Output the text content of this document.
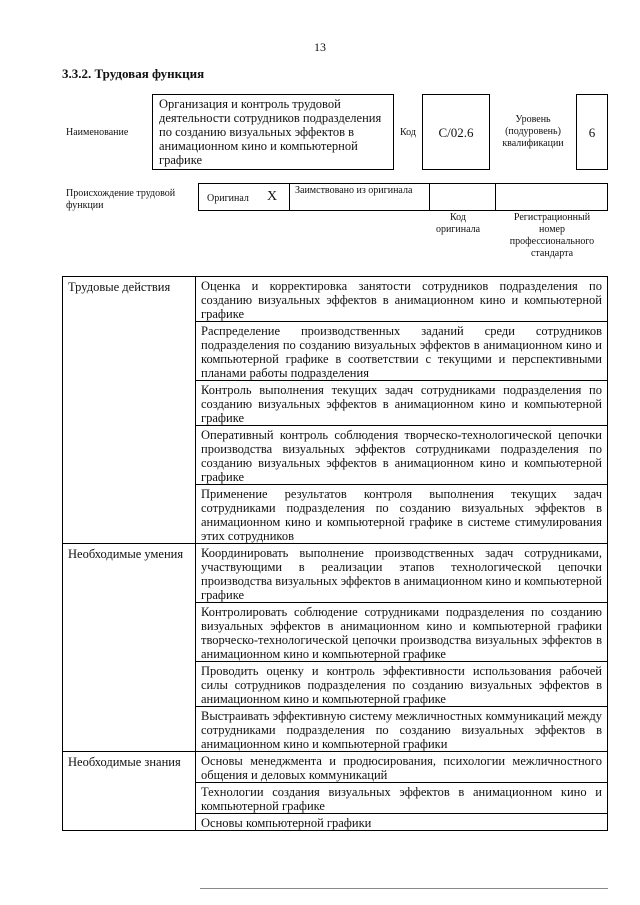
13
3.3.2. Трудовая функция
Наименование
Организация и контроль трудовой деятельности сотрудников подразделения по созданию визуальных эффектов в анимационном кино и компьютерной графике
Код	C/02.6
Уровень (подуровень) квалификации
6
Происхождение трудовой функции
Оригинал X Заимствовано из оригинала
Код оригинала
Регистрационный номер профессионального стандарта
Трудовые действия	Оценка и корректировка занятости сотрудников подразделения по созданию визуальных эффектов в анимационном кино и компьютерной графике
	Распределение производственных заданий среди сотрудников подразделения по созданию визуальных эффектов в анимационном кино и компьютерной графике в соответствии с текущими и перспективными планами работы подразделения
	Контроль выполнения текущих задач сотрудниками подразделения по созданию визуальных эффектов в анимационном кино и компьютерной графике
	Оперативный контроль соблюдения творческо-технологической цепочки производства визуальных эффектов сотрудниками подразделения по созданию визуальных эффектов в анимационном кино и компьютерной графике
	Применение результатов контроля выполнения текущих задач сотрудниками подразделения по созданию визуальных эффектов в анимационном кино и компьютерной графике в системе стимулирования этих сотрудников
Необходимые умения	Координировать выполнение производственных задач сотрудниками, участвующими в реализации этапов технологической цепочки производства визуальных эффектов в анимационном кино и компьютерной графике
	Контролировать соблюдение сотрудниками подразделения по созданию визуальных эффектов в анимационном кино и компьютерной графики творческо-технологической цепочки производства визуальных эффектов в анимационном кино и компьютерной графике
	Проводить оценку и контроль эффективности использования рабочей силы сотрудников подразделения по созданию визуальных эффектов в анимационном кино и компьютерной графике
	Выстраивать эффективную систему межличностных коммуникаций между сотрудниками подразделения по созданию визуальных эффектов в анимационном кино и компьютерной графики
Необходимые знания	Основы менеджмента и продюсирования, психологии межличностного общения и деловых коммуникаций
	Технологии создания визуальных эффектов в анимационном кино и компьютерной графике
	Основы компьютерной графики
